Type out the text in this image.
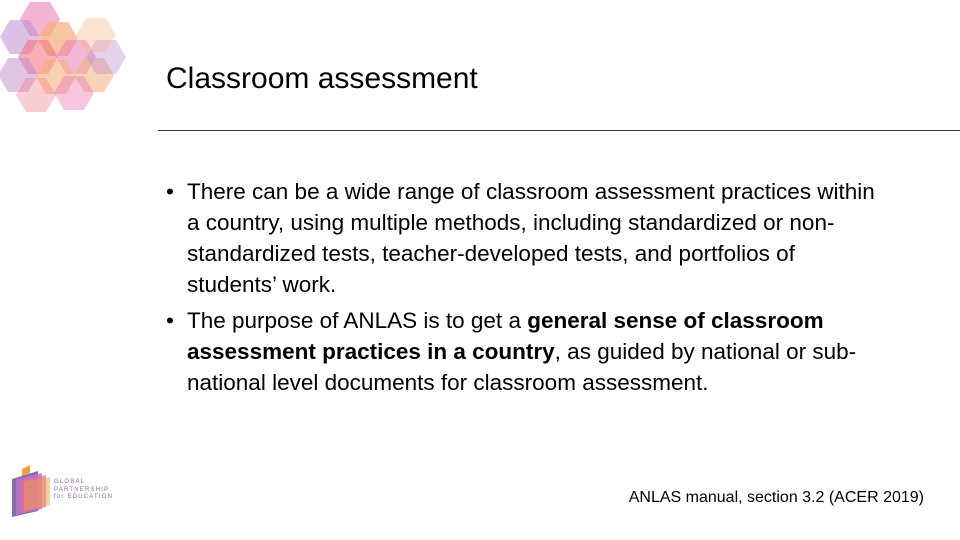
Classroom assessment
• There can be a wide range of classroom assessment practices within a country, using multiple methods, including standardized or non-standardized tests, teacher-developed tests, and portfolios of students’ work.
• The purpose of ANLAS is to get a general sense of classroom assessment practices in a country, as guided by national or sub-national level documents for classroom assessment.
GLOBAL
PARTNERSHIP
for EDUCATION	ANLAS manual, section 3.2 (ACER 2019)
